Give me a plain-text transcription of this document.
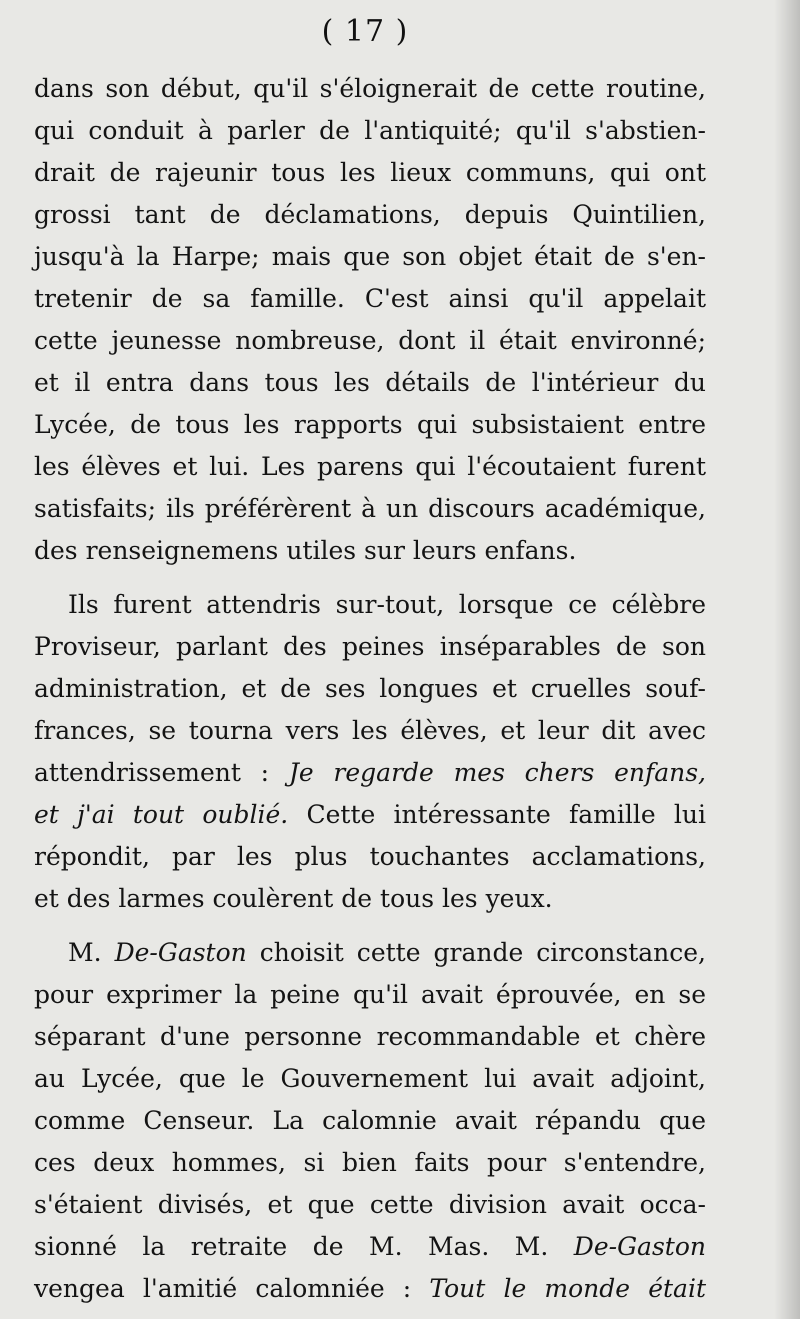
( 17 )
dans son début, qu'il s'éloignerait de cette routine,
qui conduit à parler de l'antiquité; qu'il s'abstien-
drait de rajeunir tous les lieux communs, qui ont
grossi tant de déclamations, depuis Quintilien,
jusqu'à la Harpe; mais que son objet était de s'en-
tretenir de sa famille. C'est ainsi qu'il appelait
cette jeunesse nombreuse, dont il était environné;
et il entra dans tous les détails de l'intérieur du
Lycée, de tous les rapports qui subsistaient entre
les élèves et lui. Les parens qui l'écoutaient furent
satisfaits; ils préférèrent à un discours académique,
des renseignemens utiles sur leurs enfans.
Ils furent attendris sur-tout, lorsque ce célèbre
Proviseur, parlant des peines inséparables de son
administration, et de ses longues et cruelles souf-
frances, se tourna vers les élèves, et leur dit avec
attendrissement : Je regarde mes chers enfans,
et j'ai tout oublié. Cette intéressante famille lui
répondit, par les plus touchantes acclamations,
et des larmes coulèrent de tous les yeux.
M. De-Gaston choisit cette grande circonstance,
pour exprimer la peine qu'il avait éprouvée, en se
séparant d'une personne recommandable et chère
au Lycée, que le Gouvernement lui avait adjoint,
comme Censeur. La calomnie avait répandu que
ces deux hommes, si bien faits pour s'entendre,
s'étaient divisés, et que cette division avait occa-
sionné la retraite de M. Mas. M. De-Gaston
vengea l'amitié calomniée : Tout le monde était
